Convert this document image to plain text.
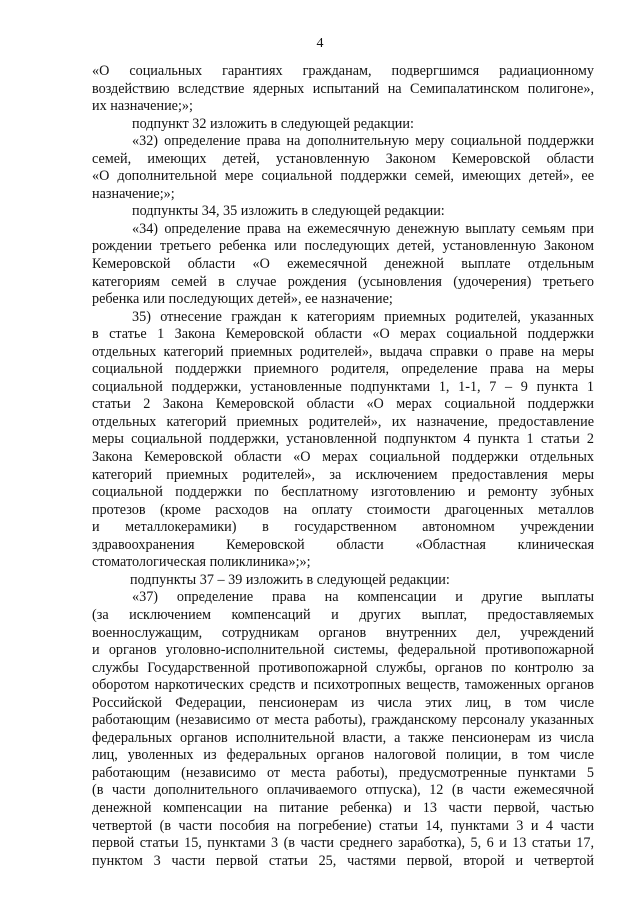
4
«О социальных гарантиях гражданам, подвергшимся радиационному
воздействию вследствие ядерных испытаний на Семипалатинском полигоне»,
их назначение;»;
подпункт 32 изложить в следующей редакции:
«32) определение права на дополнительную меру социальной поддержки
семей, имеющих детей, установленную Законом Кемеровской области
«О дополнительной мере социальной поддержки семей, имеющих детей», ее
назначение;»;
подпункты 34, 35 изложить в следующей редакции:
«34) определение права на ежемесячную денежную выплату семьям при
рождении третьего ребенка или последующих детей, установленную Законом
Кемеровской области «О ежемесячной денежной выплате отдельным
категориям семей в случае рождения (усыновления (удочерения) третьего
ребенка или последующих детей», ее назначение;
35) отнесение граждан к категориям приемных родителей, указанных
в статье 1 Закона Кемеровской области «О мерах социальной поддержки
отдельных категорий приемных родителей», выдача справки о праве на меры
социальной поддержки приемного родителя, определение права на меры
социальной поддержки, установленные подпунктами 1, 1-1, 7 – 9 пункта 1
статьи 2 Закона Кемеровской области «О мерах социальной поддержки
отдельных категорий приемных родителей», их назначение, предоставление
меры социальной поддержки, установленной подпунктом 4 пункта 1 статьи 2
Закона Кемеровской области «О мерах социальной поддержки отдельных
категорий приемных родителей», за исключением предоставления меры
социальной поддержки по бесплатному изготовлению и ремонту зубных
протезов (кроме расходов на оплату стоимости драгоценных металлов
и металлокерамики) в государственном автономном учреждении
здравоохранения Кемеровской области «Областная клиническая
стоматологическая поликлиника»;»;
подпункты 37 – 39 изложить в следующей редакции:
«37) определение права на компенсации и другие выплаты
(за исключением компенсаций и других выплат, предоставляемых
военнослужащим, сотрудникам органов внутренних дел, учреждений
и органов уголовно-исполнительной системы, федеральной противопожарной
службы Государственной противопожарной службы, органов по контролю за
оборотом наркотических средств и психотропных веществ, таможенных органов
Российской Федерации, пенсионерам из числа этих лиц, в том числе
работающим (независимо от места работы), гражданскому персоналу указанных
федеральных органов исполнительной власти, а также пенсионерам из числа
лиц, уволенных из федеральных органов налоговой полиции, в том числе
работающим (независимо от места работы), предусмотренные пунктами 5
(в части дополнительного оплачиваемого отпуска), 12 (в части ежемесячной
денежной компенсации на питание ребенка) и 13 части первой, частью
четвертой (в части пособия на погребение) статьи 14, пунктами 3 и 4 части
первой статьи 15, пунктами 3 (в части среднего заработка), 5, 6 и 13 статьи 17,
пунктом 3 части первой статьи 25, частями первой, второй и четвертой
